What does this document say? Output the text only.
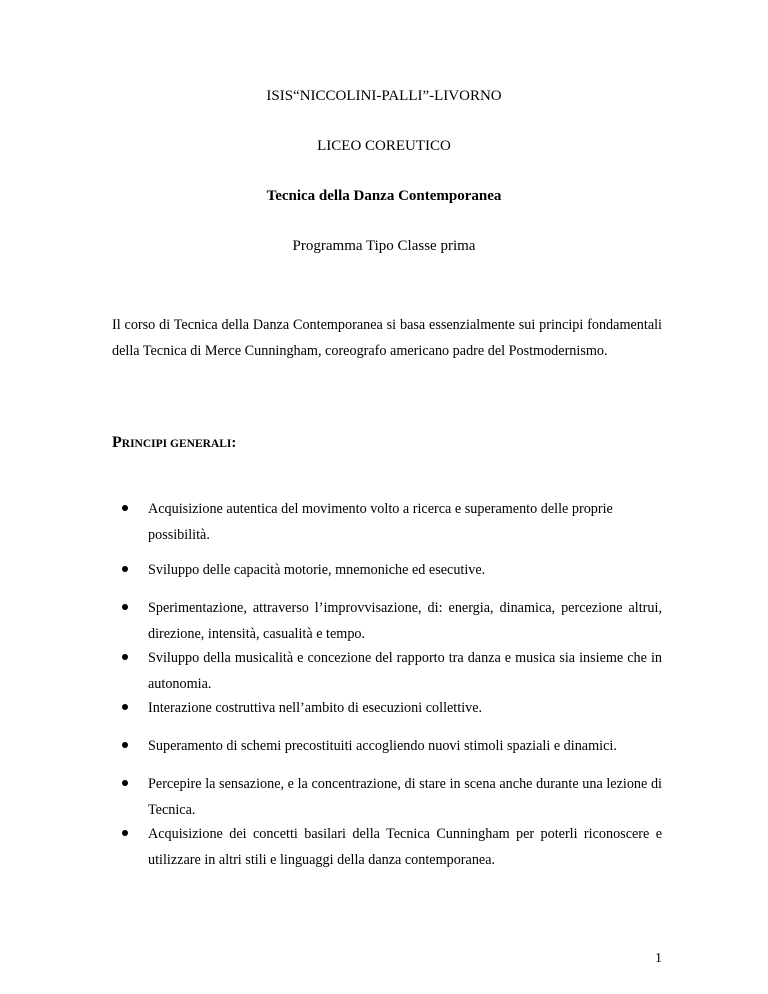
ISIS“NICCOLINI-PALLI”-LIVORNO
LICEO COREUTICO
Tecnica della Danza Contemporanea
Programma Tipo Classe prima
Il corso di Tecnica della Danza Contemporanea si basa essenzialmente sui principi fondamentali
della Tecnica di Merce Cunningham, coreografo americano padre del Postmodernismo.
PRINCIPI GENERALI:
Acquisizione autentica del movimento volto a ricerca e superamento delle proprie
possibilità.
Sviluppo delle capacità motorie, mnemoniche ed esecutive.
Sperimentazione, attraverso l’improvvisazione, di: energia, dinamica, percezione altrui,
direzione, intensità, casualità e tempo.
Sviluppo della musicalità e concezione del rapporto tra danza e musica sia insieme che in
autonomia.
Interazione costruttiva nell’ambito di esecuzioni collettive.
Superamento di schemi precostituiti accogliendo nuovi stimoli spaziali e dinamici.
Percepire la sensazione, e la concentrazione, di stare in scena anche durante una lezione di
Tecnica.
Acquisizione dei concetti basilari della Tecnica Cunningham per poterli riconoscere e
utilizzare in altri stili e linguaggi della danza contemporanea.
1
